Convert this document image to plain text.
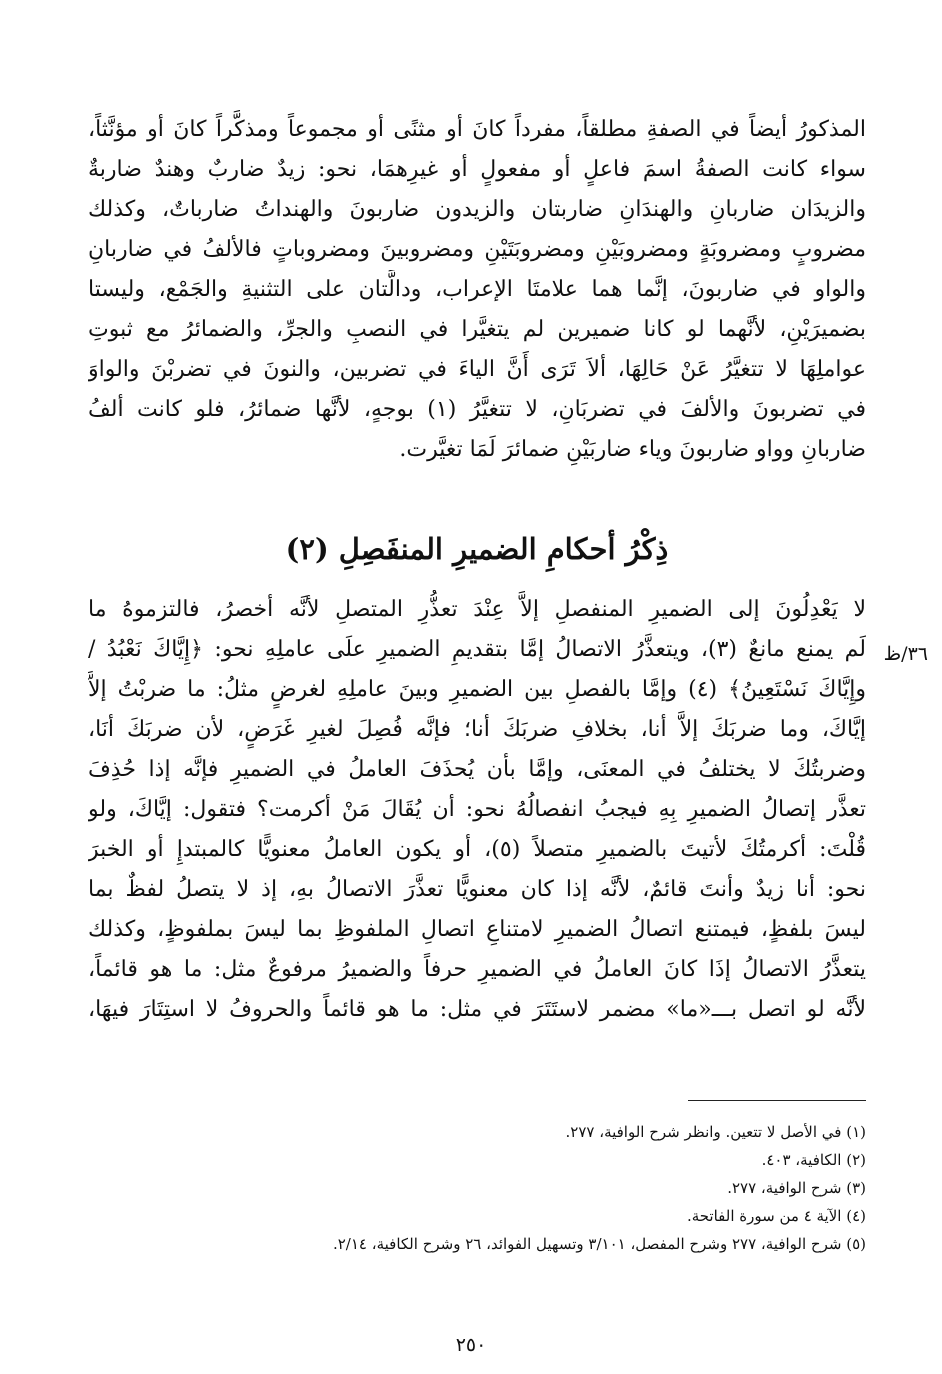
المذكورُ أيضاً في الصفةِ مطلقاً، مفرداً كانَ أو مثنًى أو مجموعاً ومذكَّراً كانَ أو مؤنَّثاً،
سواء كانت الصفةُ اسمَ فاعلٍ أو مفعولٍ أو غيرِهمَا، نحو: زيدٌ ضاربٌ وهندٌ ضاربةٌ
والزيدَان ضاربانِ والهندَانِ ضاربتان والزيدون ضاربونَ والهنداتُ ضارباتٌ، وكذلك
مضروبٍ ومضروبَةٍ ومضروبَيْنِ ومضروبَتَيْنِ ومضروبينَ ومضروباتٍ فالألفُ في ضاربانِ
والواو في ضاربونَ، إنَّما هما علامتَا الإعراب، ودالَّتان على التثنيةِ والجَمْع، وليستا
بضميرَيْنِ، لأنَّهما لو كانا ضميرين لم يتغيَّرا في النصبِ والجرِّ، والضمائرُ مع ثبوتِ
عواملِهَا لا تتغيَّرُ عَنْ حَالِهَا، ألاَ تَرَى أَنَّ الياءَ في تضربين، والنونَ في تضربْنَ والواوَ
في تضربونَ والألفَ في تضربَانِ، لا تتغيَّرُ (١) بوجهٍ، لأنَّها ضمائرُ، فلو كانت ألفُ
ضاربانِ وواو ضاربونَ وياء ضاربَيْنِ ضمائرَ لَمَا تغيَّرت.
ذِكْرُ أحكامِ الضميرِ المنفَصِلِ (٢)
٣٦/ظ
لا يَعْدِلُونَ إلى الضميرِ المنفصلِ إلاَّ عِنْدَ تعذُّرِ المتصلِ لأنَّه أخصرُ، فالتزموهُ ما
لَم يمنع مانعٌ (٣)، ويتعذَّرُ الاتصالُ إمَّا بتقديمِ الضميرِ علَى عاملِهِ نحو: ﴿إِيَّاكَ نَعْبُدُ /
وإِيَّاكَ نَسْتَعِينُ﴾ (٤) وإمَّا بالفصلِ بين الضميرِ وبينَ عاملِهِ لغرضٍ مثلُ: ما ضربْتُ إلاَّ
إيَّاكَ، وما ضربَكَ إلاَّ أنا، بخلافِ ضربَكَ أنا؛ فإنَّه فُصِلَ لغيرِ غَرَضٍ، لأن ضربَكَ أنَا،
وضربتُكَ لا يختلفُ في المعنَى، وإمَّا بأن يُحذَفَ العاملُ في الضميرِ فإنَّه إذا حُذِفَ
تعذَّر إتصالُ الضميرِ بِهِ فيجبُ انفصالُهُ نحو: أن يُقَالَ مَنْ أكرمت؟ فتقول: إيَّاكَ، ولو
قُلْتَ: أكرمتُكَ لأتيتَ بالضميرِ متصلاً (٥)، أو يكون العاملُ معنويًّا كالمبتدإِ أو الخبرَ
نحو: أنا زيدٌ وأنتَ قائمٌ، لأنَّه إذا كان معنويًّا تعذَّرَ الاتصالُ بهِ، إذ لا يتصلُ لفظٌ بما
ليسَ بلفظٍ، فيمتنع اتصالُ الضميرِ لامتناعِ اتصالِ الملفوظِ بما ليسَ بملفوظٍ، وكذلك
يتعذَّرُ الاتصالُ إذَا كانَ العاملُ في الضميرِ حرفاً والضميرُ مرفوعٌ مثل: ما هو قائماً،
لأنَّه لو اتصل بـــ«ما» مضمر لاستَتَرَ في مثل: ما هو قائماً والحروفُ لا استِتَارَ فيهَا،
(١) في الأصل لا تتعين. وانظر شرح الوافية، ٢٧٧.
(٢) الكافية، ٤٠٣.
(٣) شرح الوافية، ٢٧٧.
(٤) الآية ٤ من سورة الفاتحة.
(٥) شرح الوافية، ٢٧٧ وشرح المفصل، ٣/١٠١ وتسهيل الفوائد، ٢٦ وشرح الكافية، ٢/١٤.
٢٥٠
